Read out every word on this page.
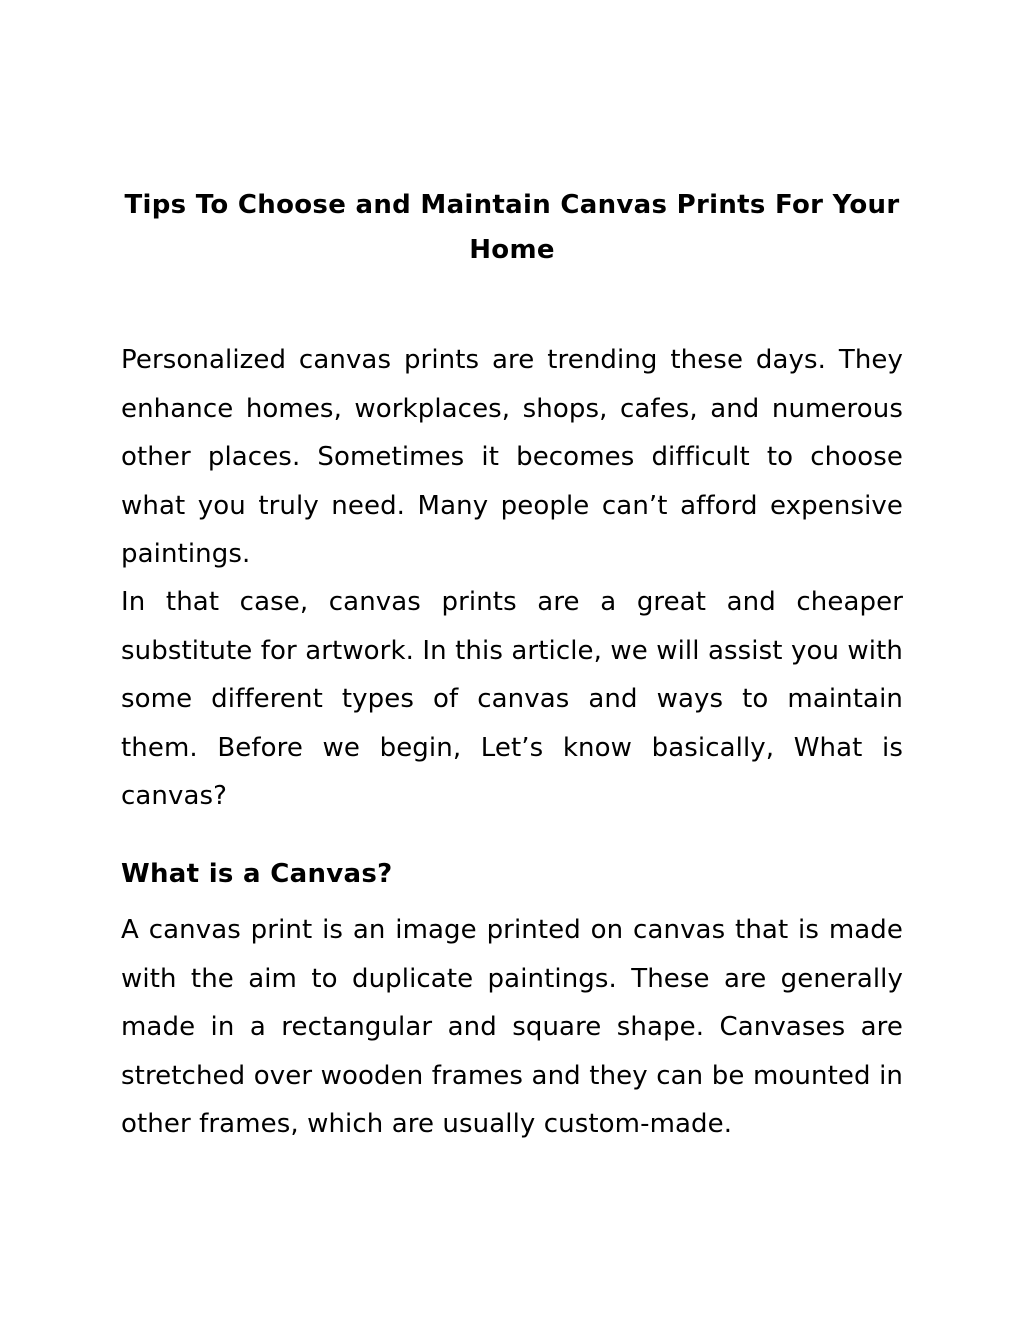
Tips To Choose and Maintain Canvas Prints For Your Home

Personalized canvas prints are trending these days. They enhance homes, workplaces, shops, cafes, and numerous other places. Sometimes it becomes difficult to choose what you truly need. Many people can’t afford expensive paintings.

In that case, canvas prints are a great and cheaper substitute for artwork. In this article, we will assist you with some different types of canvas and ways to maintain them. Before we begin, Let’s know basically, What is canvas?

What is a Canvas?

A canvas print is an image printed on canvas that is made with the aim to duplicate paintings. These are generally made in a rectangular and square shape. Canvases are stretched over wooden frames and they can be mounted in other frames, which are usually custom-made.
